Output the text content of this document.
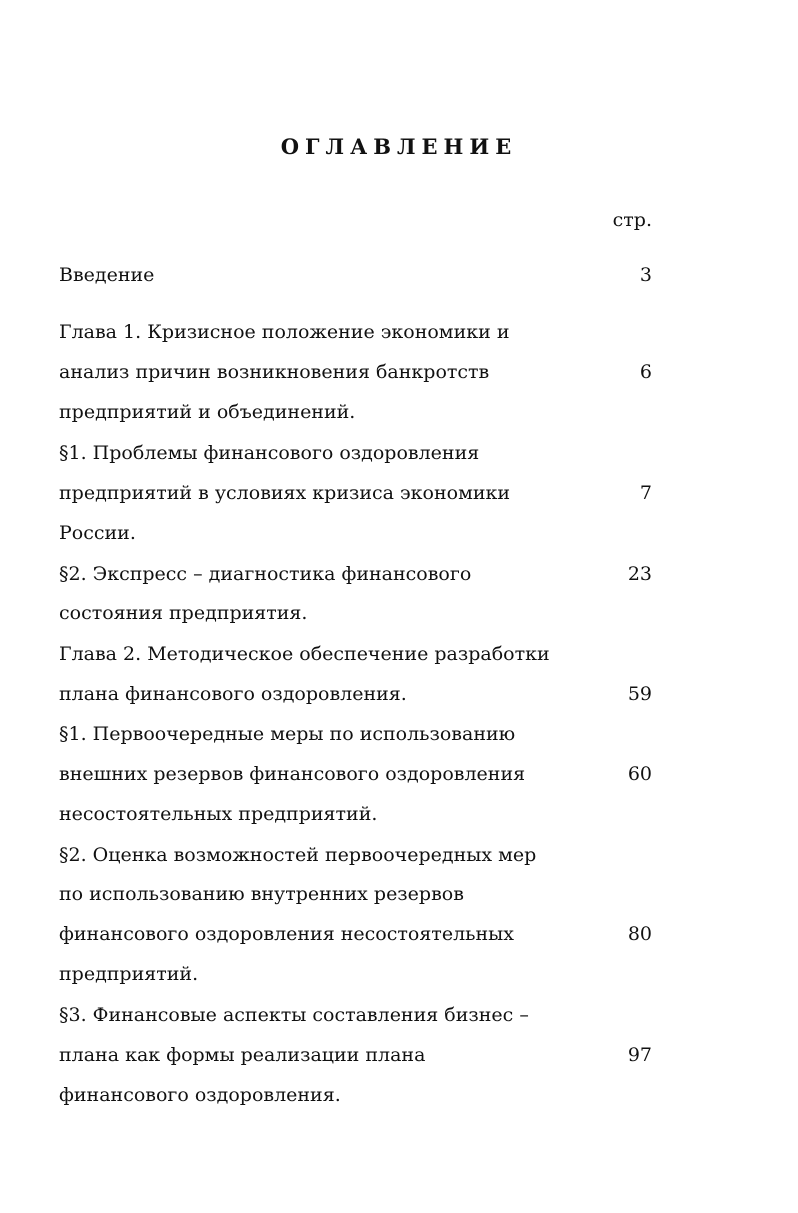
ОГЛАВЛЕНИЕ
стр.
Введение	3
Глава 1. Кризисное положение экономики и
анализ причин возникновения банкротств	6
предприятий и объединений.
§1. Проблемы финансового оздоровления
предприятий в условиях кризиса экономики	7
России.
§2. Экспресс – диагностика финансового	23
состояния предприятия.
Глава 2. Методическое обеспечение разработки
плана финансового оздоровления.	59
§1. Первоочередные меры по использованию
внешних резервов финансового оздоровления	60
несостоятельных предприятий.
§2. Оценка возможностей первоочередных мер
по использованию внутренних резервов
финансового оздоровления несостоятельных	80
предприятий.
§3. Финансовые аспекты составления бизнес –
плана как формы реализации плана	97
финансового оздоровления.
